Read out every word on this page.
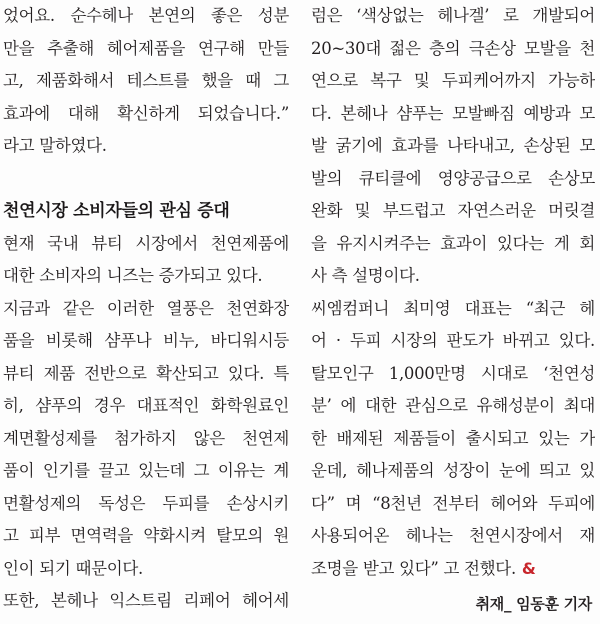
었어요. 순수헤나 본연의 좋은 성분
만을 추출해 헤어제품을 연구해 만들
고, 제품화해서 테스트를 했을 때 그
효과에 대해 확신하게 되었습니다.”
라고 말하였다.
천연시장 소비자들의 관심 증대
현재 국내 뷰티 시장에서 천연제품에
대한 소비자의 니즈는 증가되고 있다.
지금과 같은 이러한 열풍은 천연화장
품을 비롯해 샴푸나 비누, 바디워시등
뷰티 제품 전반으로 확산되고 있다. 특
히, 샴푸의 경우 대표적인 화학원료인
계면활성제를 첨가하지 않은 천연제
품이 인기를 끌고 있는데 그 이유는 계
면활성제의 독성은 두피를 손상시키
고 피부 면역력을 약화시켜 탈모의 원
인이 되기 때문이다.
또한, 본헤나 익스트림 리페어 헤어세
럼은 ‘색상없는 헤나겔’ 로 개발되어
20~30대 젊은 층의 극손상 모발을 천
연으로 복구 및 두피케어까지 가능하
다. 본헤나 샴푸는 모발빠짐 예방과 모
발 굵기에 효과를 나타내고, 손상된 모
발의 큐티클에 영양공급으로 손상모
완화 및 부드럽고 자연스러운 머릿결
을 유지시켜주는 효과이 있다는 게 회
사 측 설명이다.
씨엠컴퍼니 최미영 대표는 “최근 헤
어 · 두피 시장의 판도가 바뀌고 있다.
탈모인구 1,000만명 시대로 ‘천연성
분’ 에 대한 관심으로 유해성분이 최대
한 배제된 제품들이 출시되고 있는 가
운데, 헤나제품의 성장이 눈에 띄고 있
다” 며 “8천년 전부터 헤어와 두피에
사용되어온 헤나는 천연시장에서 재
조명을 받고 있다” 고 전했다. &
취재_ 임동훈 기자
